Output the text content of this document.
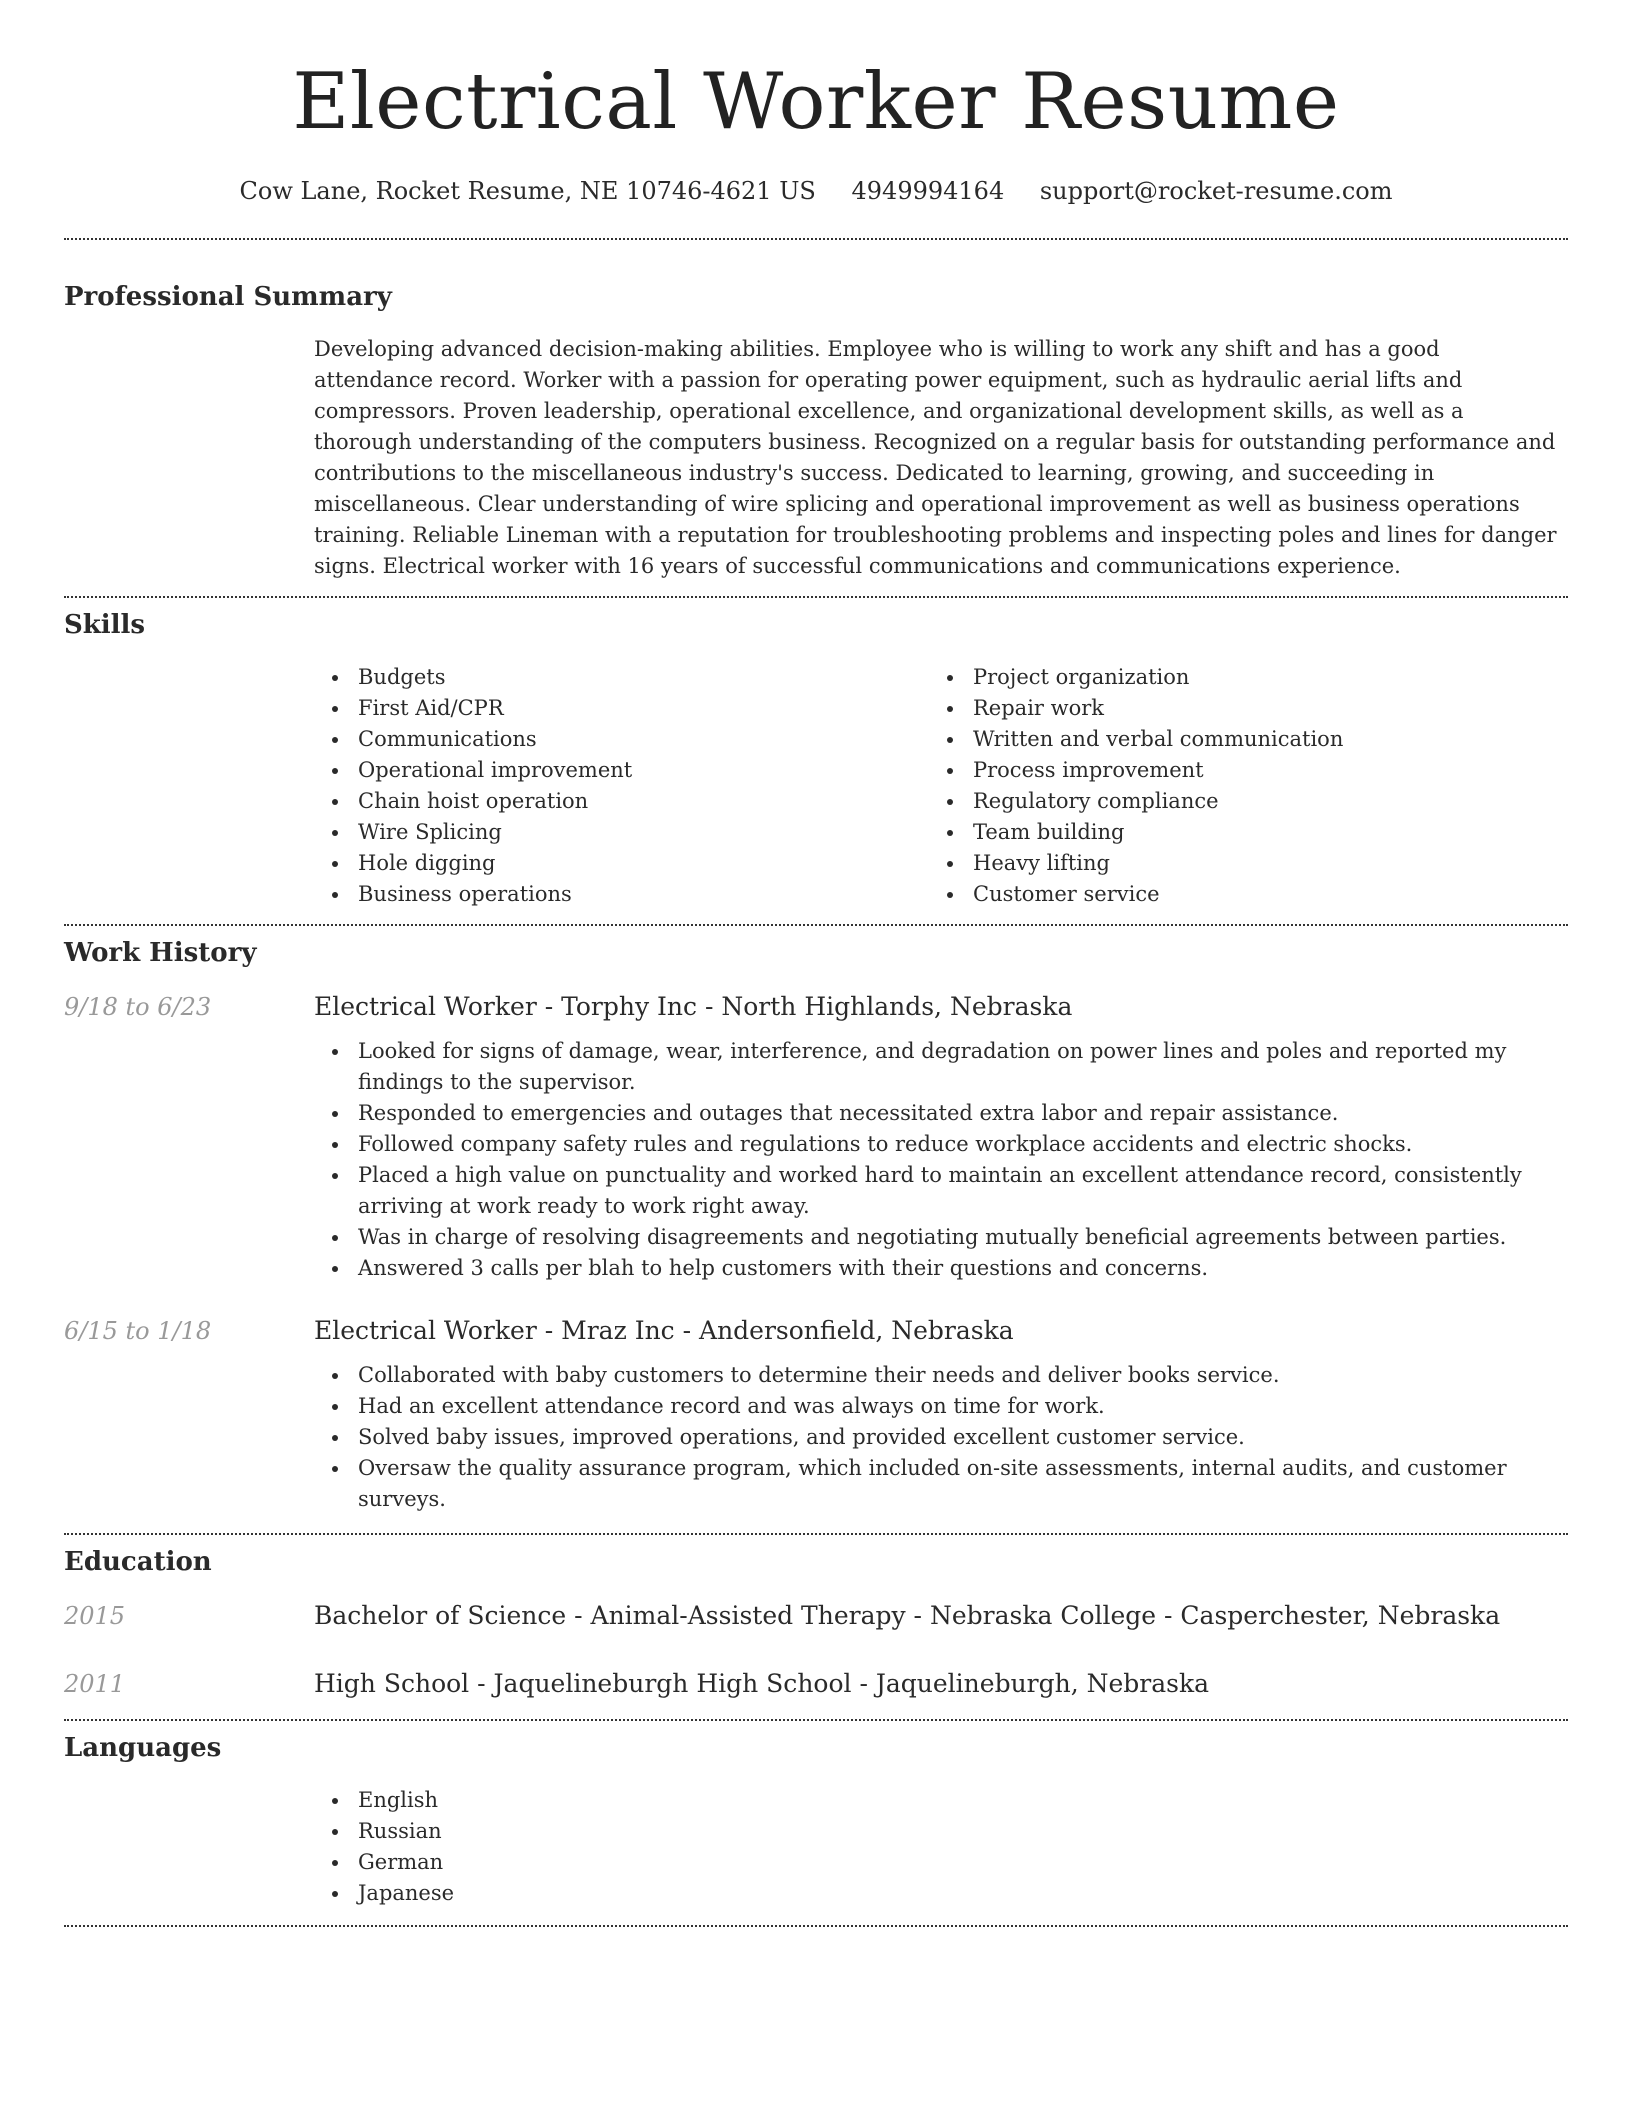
Electrical Worker Resume
Cow Lane, Rocket Resume, NE 10746-4621 US 4949994164 support@rocket-resume.com
Professional Summary

Developing advanced decision-making abilities. Employee who is willing to work any shift and has a good attendance record. Worker with a passion for operating power equipment, such as hydraulic aerial lifts and compressors. Proven leadership, operational excellence, and organizational development skills, as well as a thorough understanding of the computers business. Recognized on a regular basis for outstanding performance and contributions to the miscellaneous industry's success. Dedicated to learning, growing, and succeeding in miscellaneous. Clear understanding of wire splicing and operational improvement as well as business operations training. Reliable Lineman with a reputation for troubleshooting problems and inspecting poles and lines for danger signs. Electrical worker with 16 years of successful communications and communications experience.

Skills
Budgets
First Aid/CPR
Communications
Operational improvement
Chain hoist operation
Wire Splicing
Hole digging
Business operations
Project organization
Repair work
Written and verbal communication
Process improvement
Regulatory compliance
Team building
Heavy lifting
Customer service
Work History
9/18 to 6/23	Electrical Worker - Torphy Inc - North Highlands, Nebraska
Looked for signs of damage, wear, interference, and degradation on power lines and poles and reported my findings to the supervisor.
Responded to emergencies and outages that necessitated extra labor and repair assistance.
Followed company safety rules and regulations to reduce workplace accidents and electric shocks.
Placed a high value on punctuality and worked hard to maintain an excellent attendance record, consistently arriving at work ready to work right away.
Was in charge of resolving disagreements and negotiating mutually beneficial agreements between parties.
Answered 3 calls per blah to help customers with their questions and concerns.
6/15 to 1/18	Electrical Worker - Mraz Inc - Andersonfield, Nebraska
Collaborated with baby customers to determine their needs and deliver books service.
Had an excellent attendance record and was always on time for work.
Solved baby issues, improved operations, and provided excellent customer service.
Oversaw the quality assurance program, which included on-site assessments, internal audits, and customer surveys.
Education
2015	Bachelor of Science - Animal-Assisted Therapy - Nebraska College - Casperchester, Nebraska
2011	High School - Jaquelineburgh High School - Jaquelineburgh, Nebraska
Languages
English
Russian
German
Japanese
